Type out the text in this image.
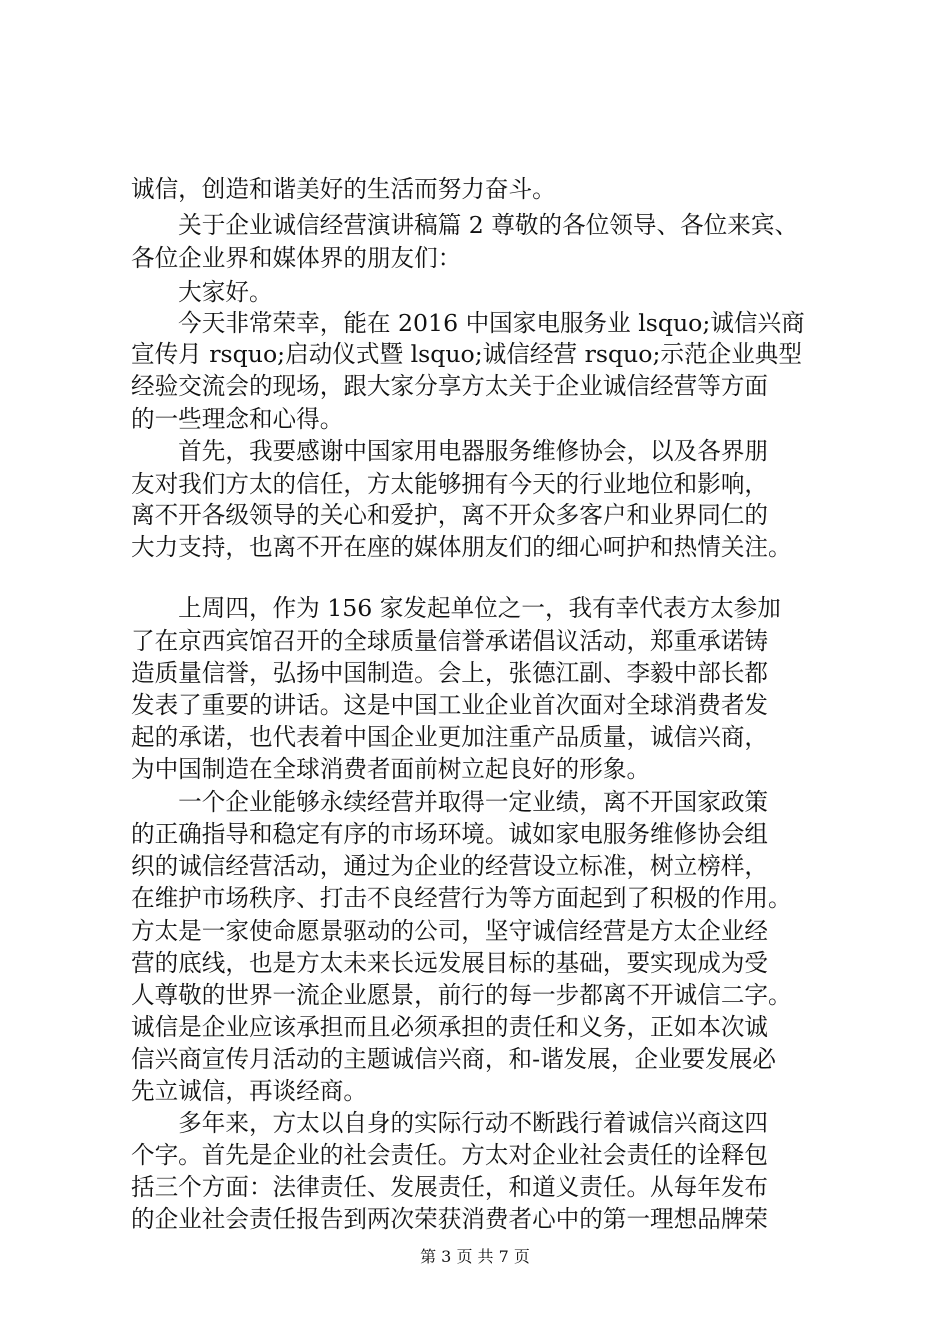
诚信，创造和谐美好的生活而努力奋斗。
　　关于企业诚信经营演讲稿篇 2 尊敬的各位领导、各位来宾、
各位企业界和媒体界的朋友们：
　　大家好。
　　今天非常荣幸，能在 2016 中国家电服务业 lsquo;诚信兴商
宣传月 rsquo;启动仪式暨 lsquo;诚信经营 rsquo;示范企业典型
经验交流会的现场，跟大家分享方太关于企业诚信经营等方面
的一些理念和心得。
　　首先，我要感谢中国家用电器服务维修协会，以及各界朋
友对我们方太的信任，方太能够拥有今天的行业地位和影响，
离不开各级领导的关心和爱护，离不开众多客户和业界同仁的
大力支持，也离不开在座的媒体朋友们的细心呵护和热情关注。
　　上周四，作为 156 家发起单位之一，我有幸代表方太参加
了在京西宾馆召开的全球质量信誉承诺倡议活动，郑重承诺铸
造质量信誉，弘扬中国制造。会上，张德江副、李毅中部长都
发表了重要的讲话。这是中国工业企业首次面对全球消费者发
起的承诺，也代表着中国企业更加注重产品质量，诚信兴商，
为中国制造在全球消费者面前树立起良好的形象。
　　一个企业能够永续经营并取得一定业绩，离不开国家政策
的正确指导和稳定有序的市场环境。诚如家电服务维修协会组
织的诚信经营活动，通过为企业的经营设立标准，树立榜样，
在维护市场秩序、打击不良经营行为等方面起到了积极的作用。
方太是一家使命愿景驱动的公司，坚守诚信经营是方太企业经
营的底线，也是方太未来长远发展目标的基础，要实现成为受
人尊敬的世界一流企业愿景，前行的每一步都离不开诚信二字。
诚信是企业应该承担而且必须承担的责任和义务，正如本次诚
信兴商宣传月活动的主题诚信兴商，和-谐发展，企业要发展必
先立诚信，再谈经商。
　　多年来，方太以自身的实际行动不断践行着诚信兴商这四
个字。首先是企业的社会责任。方太对企业社会责任的诠释包
括三个方面：法律责任、发展责任，和道义责任。从每年发布
的企业社会责任报告到两次荣获消费者心中的第一理想品牌荣
第 3 页 共 7 页
